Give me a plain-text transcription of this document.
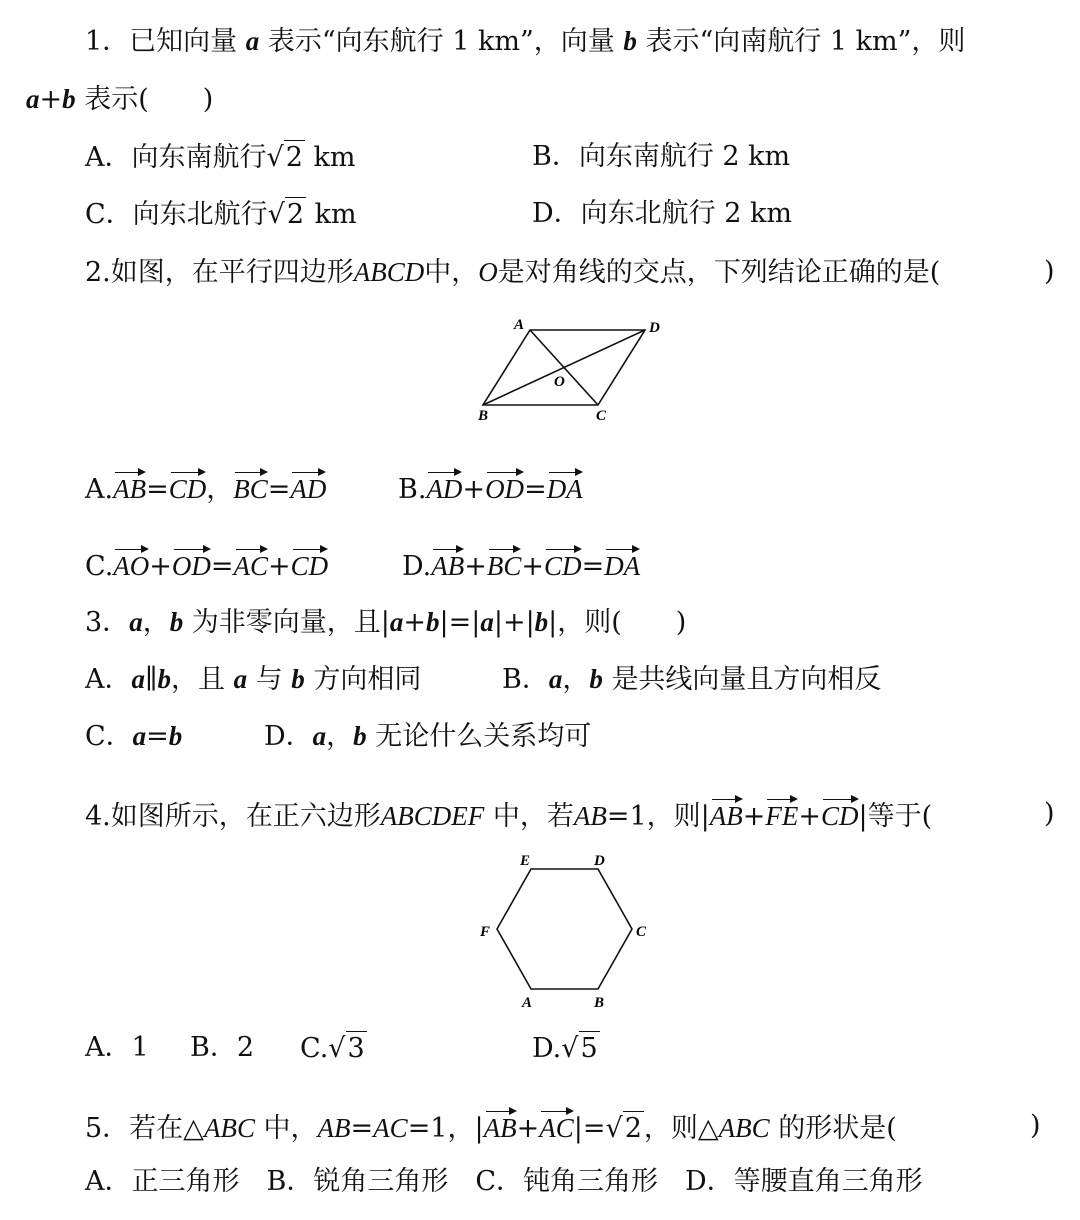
1．已知向量 a 表示“向东航行 1 km”，向量 b 表示“向南航行 1 km”，则
a+b 表示(　　)
A．向东南航行√2 km	B．向东南航行 2 km
C．向东北航行√2 km	D．向东北航行 2 km
2.如图，在平行四边形ABCD中，O是对角线的交点，下列结论正确的是(	)
A	D
B	C
O
A.AB=CD，BC=AD	B.AD+OD=DA
C.AO+OD=AC+CD	D.AB+BC+CD=DA
3．a，b 为非零向量，且|a+b|=|a|+|b|，则(　　)
A．a∥b，且 a 与 b 方向相同	B．a，b 是共线向量且方向相反
C．a=b	D．a，b 无论什么关系均可
4.如图所示，在正六边形ABCDEF 中，若AB=1，则|AB+FE+CD|等于(	)
E	D
C
F
A	B
A．1 B．2 C.√3	D.√5
5．若在△ABC 中，AB=AC=1，|AB+AC|=√2，则△ABC 的形状是(	)
A．正三角形　B．锐角三角形　C．钝角三角形　D．等腰直角三角形
